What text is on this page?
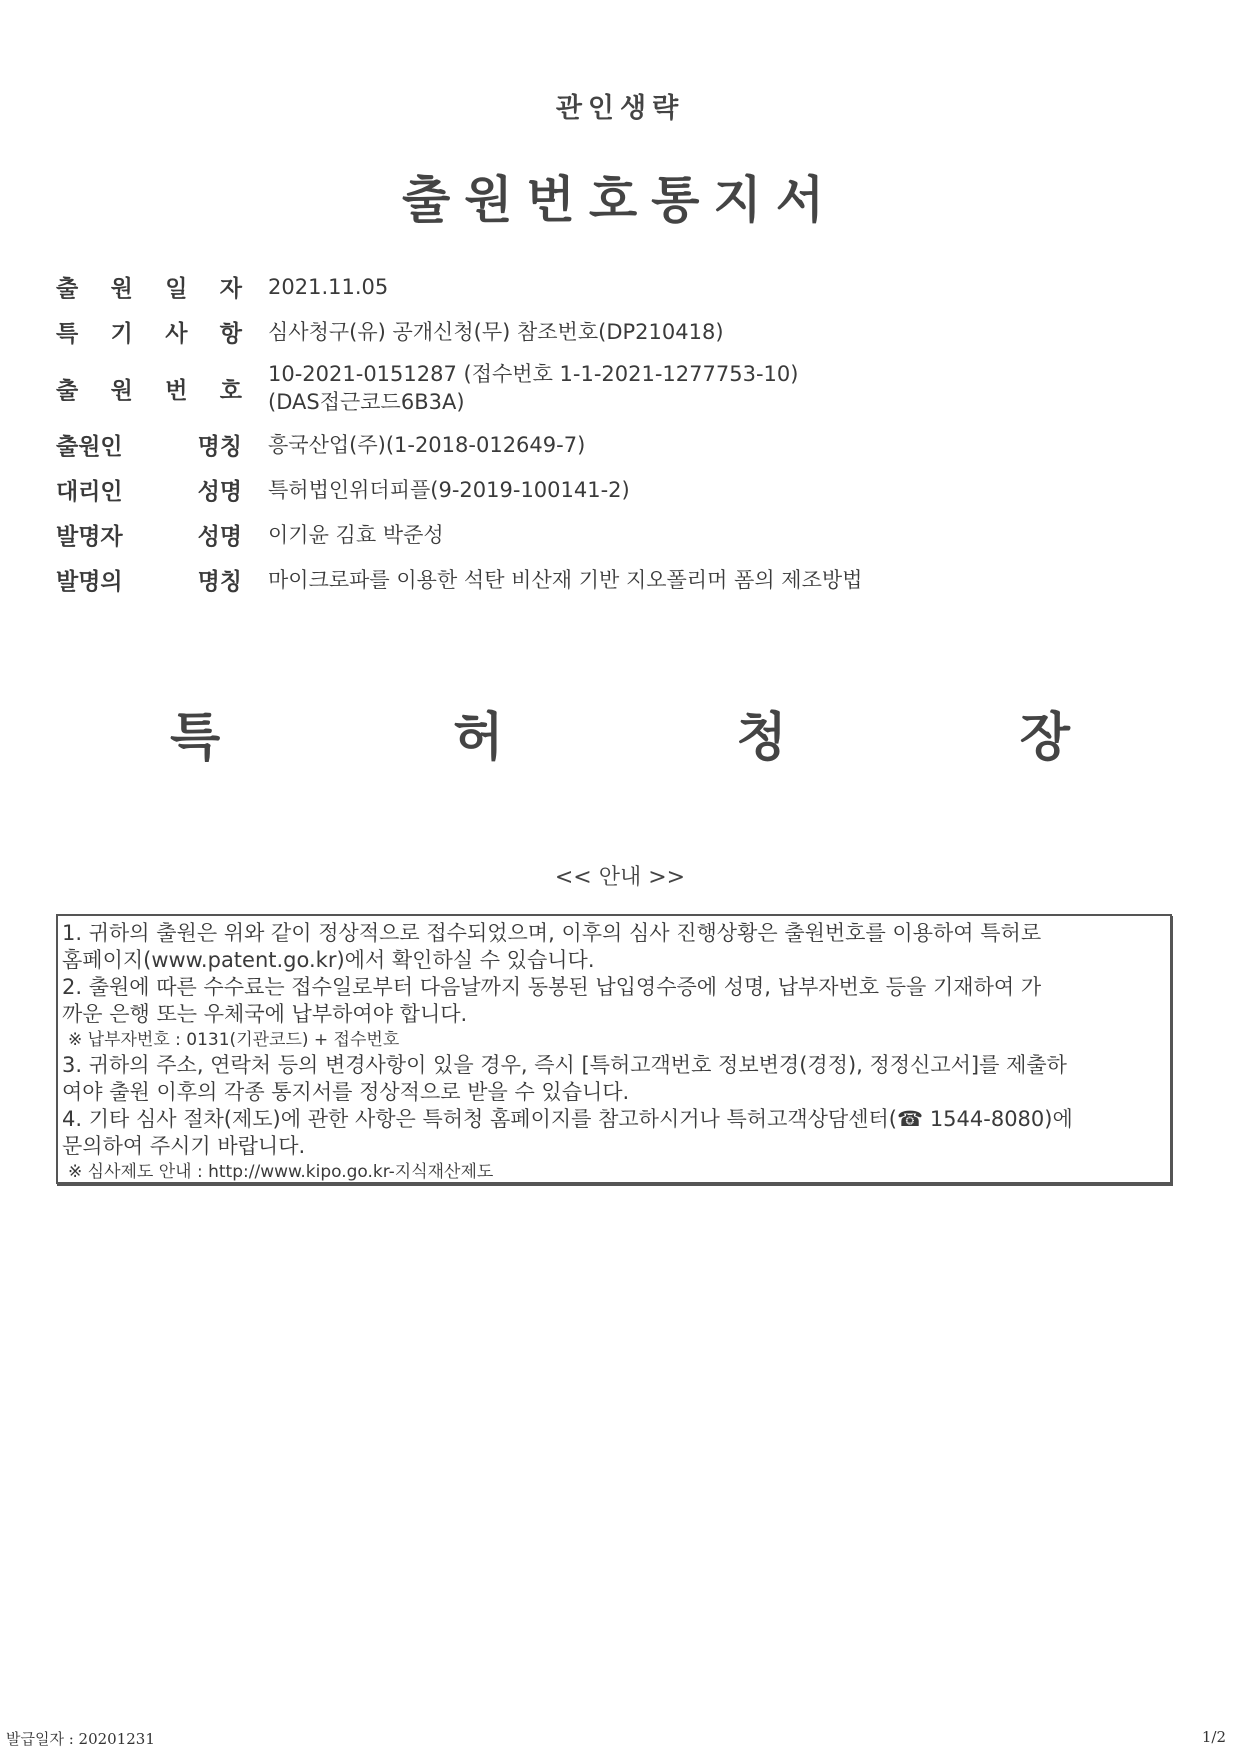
관인생략
출원번호통지서
출 원 일 자 2021.11.05
특 기 사 항 심사청구(유) 공개신청(무) 참조번호(DP210418)
출 원 번 호
10-2021-0151287 (접수번호 1-1-2021-1277753-10)
(DAS접근코드6B3A)
출원인	명칭 흥국산업(주)(1-2018-012649-7)
대리인	성명 특허법인위더피플(9-2019-100141-2)
발명자	성명 이기윤 김효 박준성
발명의	명칭 마이크로파를 이용한 석탄 비산재 기반 지오폴리머 폼의 제조방법
특	허	청	장
<< 안내 >>
1. 귀하의 출원은 위와 같이 정상적으로 접수되었으며, 이후의 심사 진행상황은 출원번호를 이용하여 특허로
홈페이지(www.patent.go.kr)에서 확인하실 수 있습니다.
2. 출원에 따른 수수료는 접수일로부터 다음날까지 동봉된 납입영수증에 성명, 납부자번호 등을 기재하여 가
까운 은행 또는 우체국에 납부하여야 합니다.
※ 납부자번호 : 0131(기관코드) + 접수번호
3. 귀하의 주소, 연락처 등의 변경사항이 있을 경우, 즉시 [특허고객번호 정보변경(경정), 정정신고서]를 제출하
여야 출원 이후의 각종 통지서를 정상적으로 받을 수 있습니다.
4. 기타 심사 절차(제도)에 관한 사항은 특허청 홈페이지를 참고하시거나 특허고객상담센터(☎ 1544-8080)에
문의하여 주시기 바랍니다.
※ 심사제도 안내 : http://www.kipo.go.kr-지식재산제도
발급일자 : 20201231	1/2
